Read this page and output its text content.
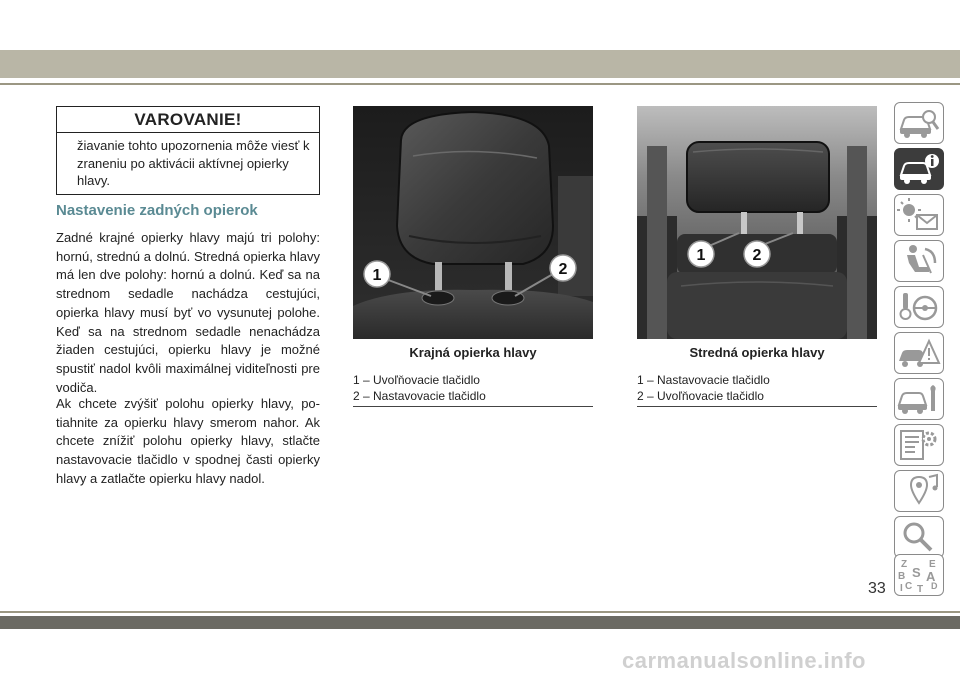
VAROVANIE!
žiavanie tohto upozornenia môže viesť k zraneniu po aktivácii aktívnej opierky hlavy.
Nastavenie zadných opierok

Zadné krajné opierky hlavy majú tri polohy: hornú, strednú a dolnú. Stredná opierka hlavy má len dve polohy: hornú a dolnú. Keď sa na strednom sedadle nachádza cestujúci, opierka hlavy musí byť vo vysunutej polohe. Keď sa na strednom sedadle nenachádza žiaden cestujúci, opierku hlavy je možné spustiť nadol kvôli maximálnej viditeľnosti pre vodiča.

Ak chcete zvýšiť polohu opierky hlavy, po- tiahnite za opierku hlavy smerom nahor. Ak chcete znížiť polohu opierky hlavy, stlačte nastavovacie tlačidlo v spodnej časti opierky hlavy a zatlačte opierku hlavy nadol.

1	2
Krajná opierka hlavy
1 – Uvoľňovacie tlačidlo
2 – Nastavovacie tlačidlo
1	2
Stredná opierka hlavy
1 – Nastavovacie tlačidlo
2 – Uvoľňovacie tlačidlo
Z E
B S A
C D
I T
33
carmanualsonline.info
